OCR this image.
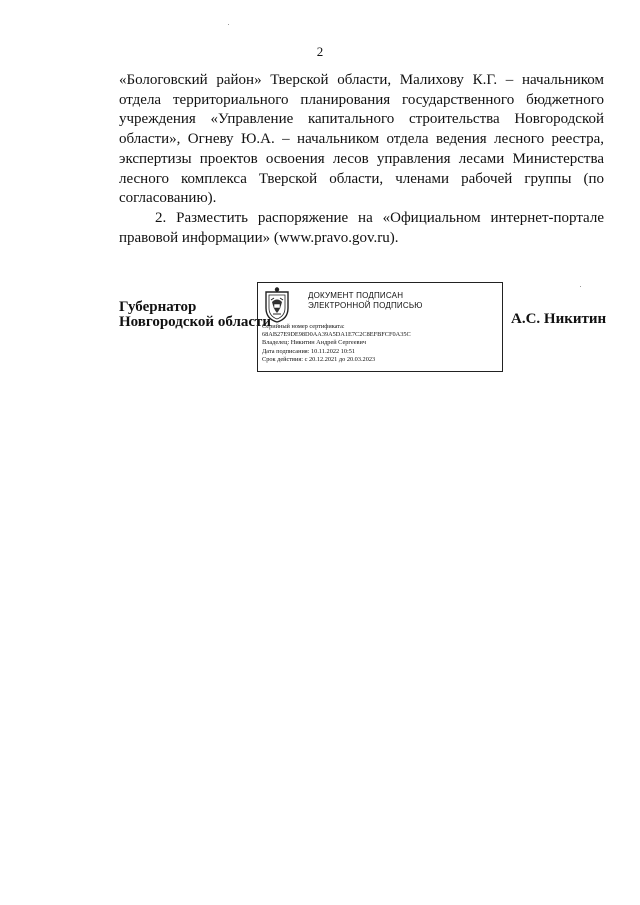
2

«Бологовский район» Тверской области, Малихову К.Г. – начальником отдела территориального планирования государственного бюджетного учреждения «Управление капитального строительства Новгородской области», Огневу Ю.А. – начальником отдела ведения лесного реестра, экспертизы проектов освоения лесов управления лесами Министерства лесного комплекса Тверской области, членами рабочей группы (по согласованию).

2. Разместить распоряжение на «Официальном интернет-портале правовой информации» (www.pravo.gov.ru).

Губернатор
Новгородской области
ДОКУМЕНТ ПОДПИСАН
ЭЛЕКТРОННОЙ ПОДПИСЬЮ
Серийный номер сертификата:
68AB27E9DE98D0AA39A5DA1E7C2C8EFBFCF0A35C
Владелец: Никитин Андрей Сергеевич
Дата подписания: 10.11.2022 10:51
Срок действия: с 20.12.2021 до 20.03.2023
А.С. Никитин
